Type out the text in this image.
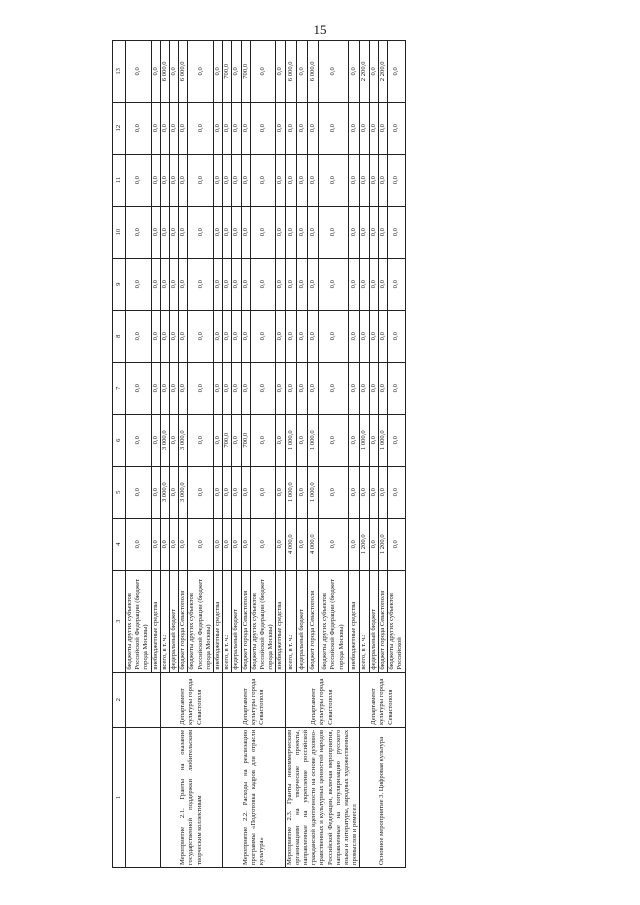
15
1	2	3	4	5	6	7	8	9	10	11	12	13
		бюджеты других субъектов Российской Федерации (бюджет города Москвы)	0,0	0,0	0,0	0,0	0,0	0,0	0,0	0,0	0,0	0,0
		внебюджетные средства	0,0	0,0	0,0	0,0	0,0	0,0	0,0	0,0	0,0	0,0
Мероприятие 2.1. Гранты на оказание государственной поддержки любительским творческим коллективам	Департамент культуры города Севастополя	всего, в т. ч.:	0,0	3 000,0	3 000,0	0,0	0,0	0,0	0,0	0,0	0,0	6 000,0
		федеральный бюджет	0,0	0,0	0,0	0,0	0,0	0,0	0,0	0,0	0,0	0,0
		бюджет города Севастополя	0,0	3 000,0	3 000,0	0,0	0,0	0,0	0,0	0,0	0,0	6 000,0
		бюджеты других субъектов Российской Федерации (бюджет города Москвы)	0,0	0,0	0,0	0,0	0,0	0,0	0,0	0,0	0,0	0,0
		внебюджетные средства	0,0	0,0	0,0	0,0	0,0	0,0	0,0	0,0	0,0	0,0
Мероприятие 2.2. Расходы на реализацию программы «Подготовка кадров для отрасли культура»	Департамент культуры города Севастополя	всего, в т. ч.:	0,0	0,0	700,0	0,0	0,0	0,0	0,0	0,0	0,0	700,0
		федеральный бюджет	0,0	0,0	0,0	0,0	0,0	0,0	0,0	0,0	0,0	0,0
		бюджет города Севастополя	0,0	0,0	700,0	0,0	0,0	0,0	0,0	0,0	0,0	700,0
		бюджеты других субъектов Российской Федерации (бюджет города Москвы)	0,0	0,0	0,0	0,0	0,0	0,0	0,0	0,0	0,0	0,0
		внебюджетные средства	0,0	0,0	0,0	0,0	0,0	0,0	0,0	0,0	0,0	0,0
Мероприятие 2.3. Гранты некоммерческим организациям на творческие проекты, направленные на укрепление российской гражданской идентичности на основе духовно-нравственных и культурных ценностей народов Российской Федерации, включая мероприятия, направленные на популяризацию русского языка и литературы, народных художественных промыслов и ремесел	Департамент культуры города Севастополя	всего, в т. ч.:	4 000,0	1 000,0	1 000,0	0,0	0,0	0,0	0,0	0,0	0,0	6 000,0
		федеральный бюджет	0,0	0,0	0,0	0,0	0,0	0,0	0,0	0,0	0,0	0,0
		бюджет города Севастополя	4 000,0	1 000,0	1 000,0	0,0	0,0	0,0	0,0	0,0	0,0	6 000,0
		бюджеты других субъектов Российской Федерации (бюджет города Москвы)	0,0	0,0	0,0	0,0	0,0	0,0	0,0	0,0	0,0	0,0
		внебюджетные средства	0,0	0,0	0,0	0,0	0,0	0,0	0,0	0,0	0,0	0,0
Основное мероприятие 3. Цифровая культура	Департамент культуры города Севастополя	всего, в т. ч.:	1 200,0	0,0	1 000,0	0,0	0,0	0,0	0,0	0,0	0,0	2 200,0
		федеральный бюджет	0,0	0,0	0,0	0,0	0,0	0,0	0,0	0,0	0,0	0,0
		бюджет города Севастополя	1 200,0	0,0	1 000,0	0,0	0,0	0,0	0,0	0,0	0,0	2 200,0
		бюджеты других субъектов Российской	0,0	0,0	0,0	0,0	0,0	0,0	0,0	0,0	0,0	0,0
